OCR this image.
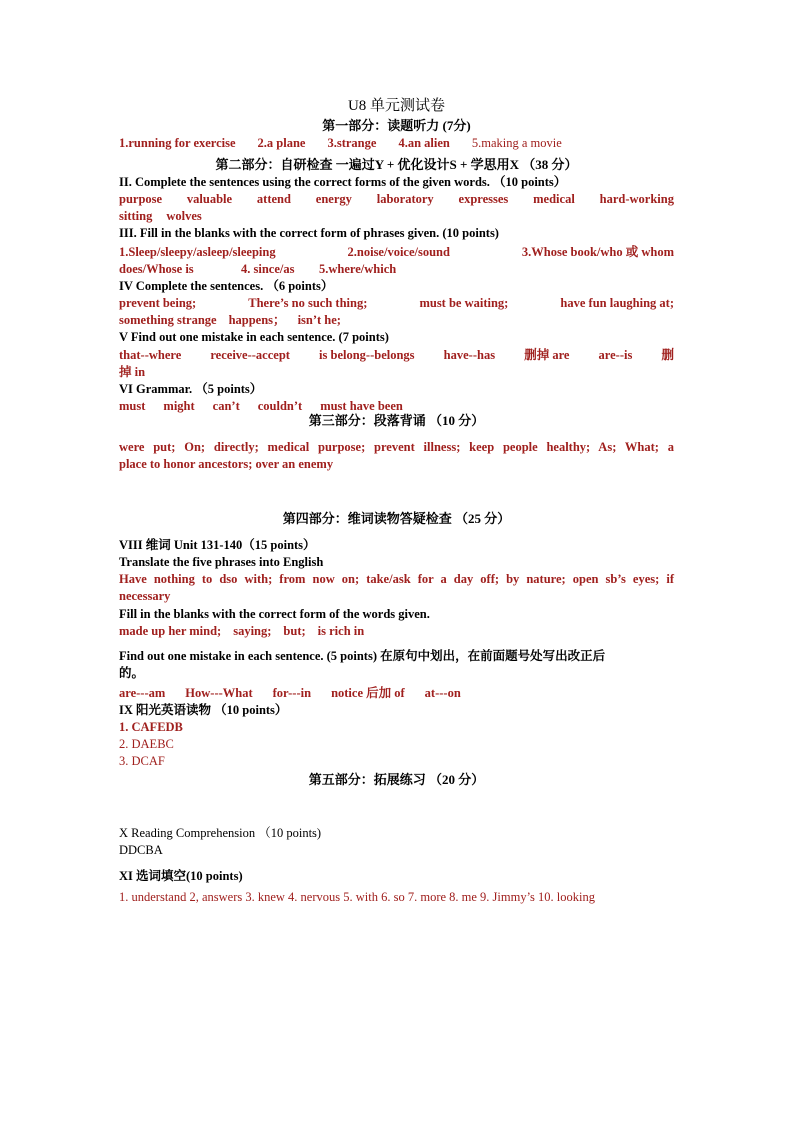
U8 单元测试卷
第一部分：读题听力 (7分)
1.running for exercise 2.a plane 3.strange 4.an alien 5.making a movie
第二部分：自研检查 一遍过Y + 优化设计S + 学思用X （38 分）
II. Complete the sentences using the correct forms of the given words. （10 points）
purpose valuable attend energy laboratory expresses medical hard-working
sitting wolves
III. Fill in the blanks with the correct form of phrases given. (10 points)
1.Sleep/sleepy/asleep/sleeping	2.noise/voice/sound	3.Whose book/who 或 whom
does/Whose is	4. since/as	5.where/which
IV Complete the sentences. （6 points）
prevent being;	There’s no such thing;	must be waiting;	have fun laughing at;
something strange happens； isn’t he;
V Find out one mistake in each sentence. (7 points)
that--where receive--accept is belong--belongs have--has 删掉 are are--is 删
掉 in
VI Grammar. （5 points）
must might can’t couldn’t must have been
第三部分：段落背诵 （10 分）
were put; On; directly; medical purpose; prevent illness; keep people healthy; As; What; a
place to honor ancestors; over an enemy
第四部分：维词读物答疑检查 （25 分）
VIII 维词 Unit 131-140（15 points）
Translate the five phrases into English
Have nothing to dso with; from now on; take/ask for a day off; by nature; open sb’s eyes; if
necessary
Fill in the blanks with the correct form of the words given.
made up her mind; saying; but; is rich in
Find out one mistake in each sentence. (5 points) 在原句中划出，在前面题号处写出改正后
的。
are---am How---What for---in notice 后加 of at---on
IX 阳光英语读物 （10 points）
1. CAFEDB
2. DAEBC
3. DCAF
第五部分：拓展练习 （20 分）
X Reading Comprehension （10 points)
DDCBA
XI 选词填空(10 points)
1. understand 2, answers 3. knew 4. nervous 5. with 6. so 7. more 8. me 9. Jimmy’s 10. looking
